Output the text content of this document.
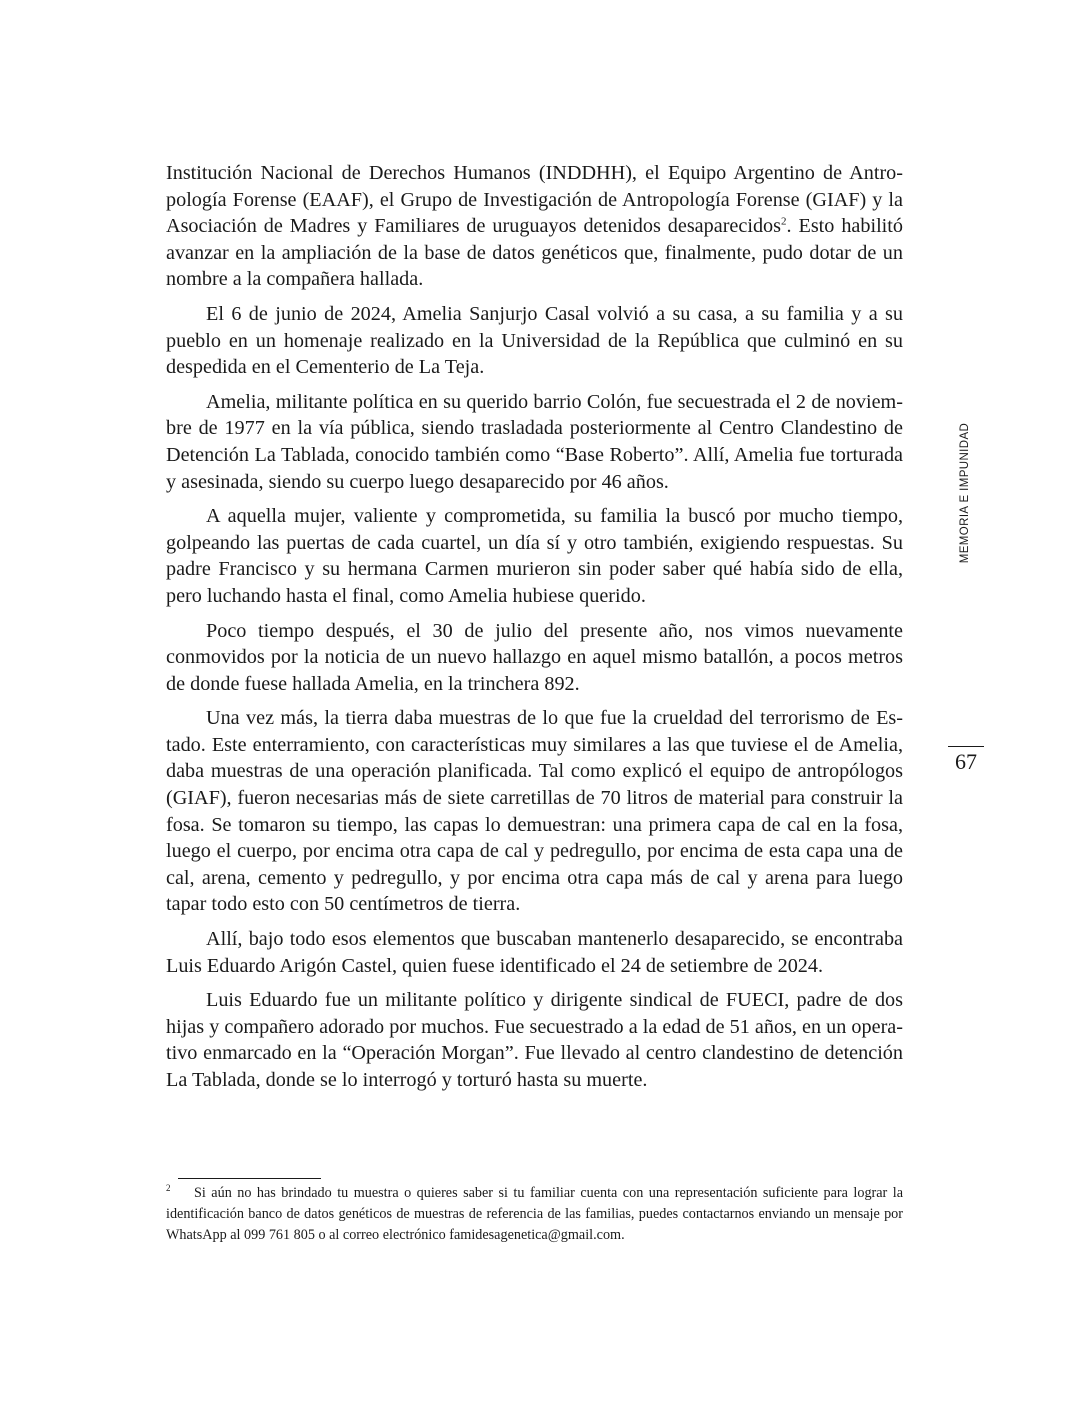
Institución Nacional de Derechos Humanos (INDDHH), el Equipo Argentino de Antropología Forense (EAAF), el Grupo de Investigación de Antropología Forense (GIAF) y la Asociación de Madres y Familiares de uruguayos detenidos desaparecidos$^2$. Esto habilitó avanzar en la ampliación de la base de datos genéticos que, finalmente, pudo dotar de un nombre a la compañera hallada.

El 6 de junio de 2024, Amelia Sanjurjo Casal volvió a su casa, a su familia y a su pueblo en un homenaje realizado en la Universidad de la República que culminó en su despedida en el Cementerio de La Teja.

Amelia, militante política en su querido barrio Colón, fue secuestrada el 2 de noviembre de 1977 en la vía pública, siendo trasladada posteriormente al Centro Clandestino de Detención La Tablada, conocido también como “Base Roberto”. Allí, Amelia fue torturada y asesinada, siendo su cuerpo luego desaparecido por 46 años.

A aquella mujer, valiente y comprometida, su familia la buscó por mucho tiempo, golpeando las puertas de cada cuartel, un día sí y otro también, exigiendo respuestas. Su padre Francisco y su hermana Carmen murieron sin poder saber qué había sido de ella, pero luchando hasta el final, como Amelia hubiese querido.

Poco tiempo después, el 30 de julio del presente año, nos vimos nuevamente conmovidos por la noticia de un nuevo hallazgo en aquel mismo batallón, a pocos metros de donde fuese hallada Amelia, en la trinchera 892.

Una vez más, la tierra daba muestras de lo que fue la crueldad del terrorismo de Estado. Este enterramiento, con características muy similares a las que tuviese el de Amelia, daba muestras de una operación planificada. Tal como explicó el equipo de antropólogos (GIAF), fueron necesarias más de siete carretillas de 70 litros de material para construir la fosa. Se tomaron su tiempo, las capas lo demuestran: una primera capa de cal en la fosa, luego el cuerpo, por encima otra capa de cal y pedregullo, por encima de esta capa una de cal, arena, cemento y pedregullo, y por encima otra capa más de cal y arena para luego tapar todo esto con 50 centímetros de tierra.

Allí, bajo todo esos elementos que buscaban mantenerlo desaparecido, se encontraba Luis Eduardo Arigón Castel, quien fuese identificado el 24 de setiembre de 2024.

Luis Eduardo fue un militante político y dirigente sindical de FUECI, padre de dos hijas y compañero adorado por muchos. Fue secuestrado a la edad de 51 años, en un operativo enmarcado en la “Operación Morgan”. Fue llevado al centro clandestino de detención La Tablada, donde se lo interrogó y torturó hasta su muerte.

MEMORIA E IMPUNIDAD
67

2 Si aún no has brindado tu muestra o quieres saber si tu familiar cuenta con una representación suficiente para lograr la identificación banco de datos genéticos de muestras de referencia de las familias, puedes contactarnos enviando un mensaje por WhatsApp al 099 761 805 o al correo electrónico famidesagenetica@gmail.com.
